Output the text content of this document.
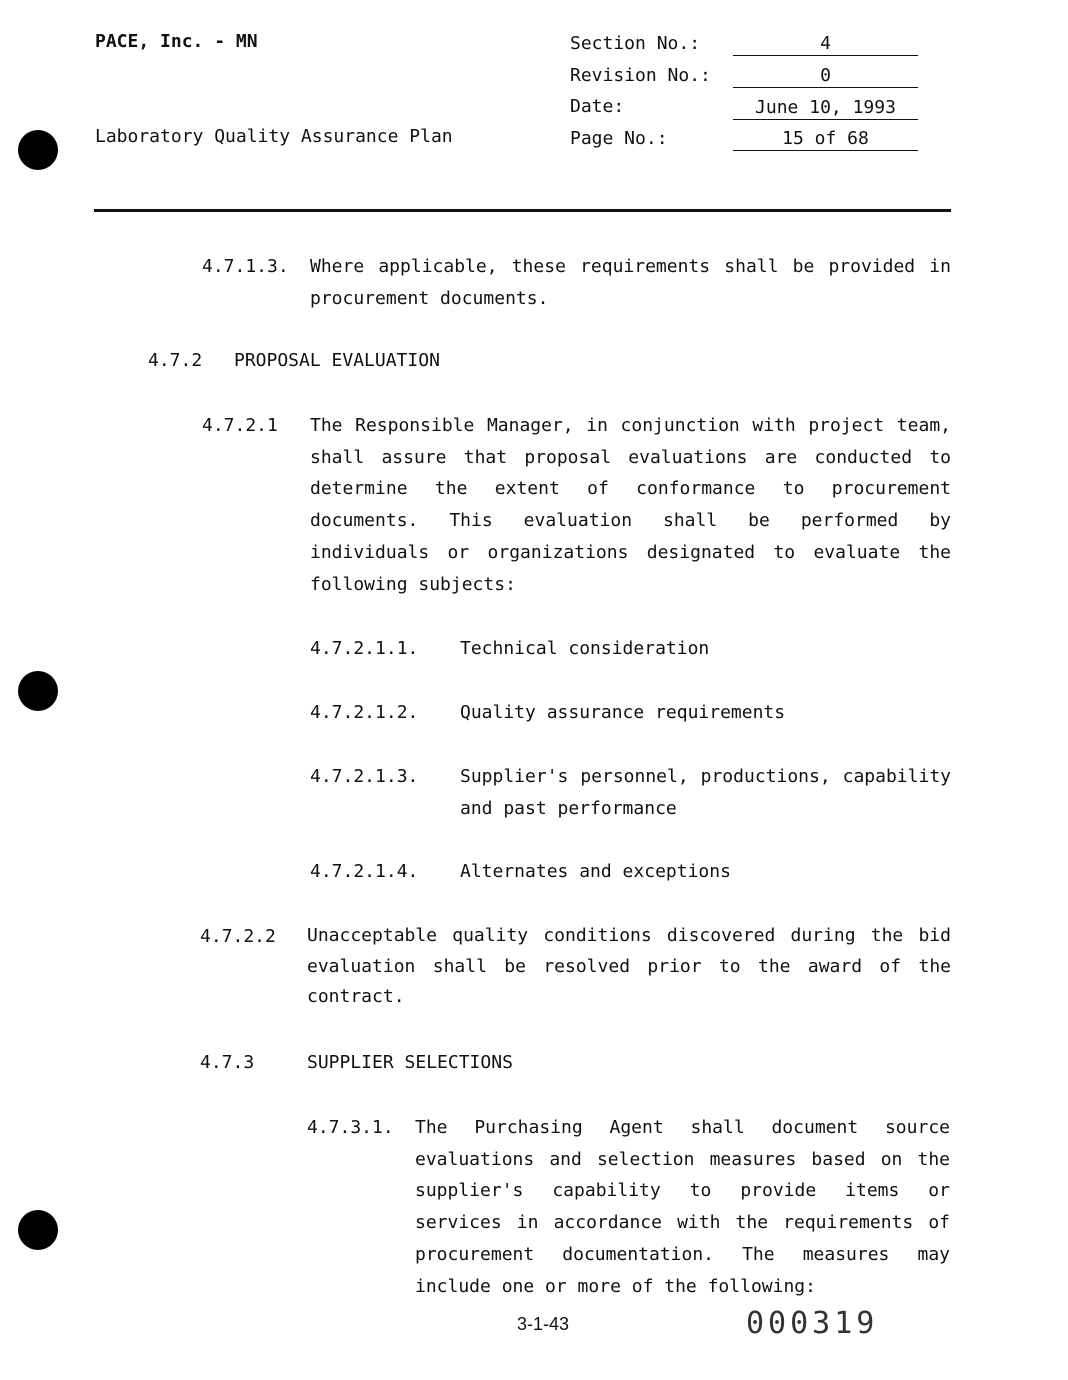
PACE, Inc. - MN
Laboratory Quality Assurance Plan
Section No.:	4
Revision No.:	0
Date:	June 10, 1993
Page No.:	15 of 68
4.7.1.3. Where applicable, these requirements shall be provided in procurement documents.
4.7.2 PROPOSAL EVALUATION
4.7.2.1 The Responsible Manager, in conjunction with project team, shall assure that proposal evaluations are conducted to determine the extent of conformance to procurement documents. This evaluation shall be performed by individuals or organizations designated to evaluate the following subjects:
4.7.2.1.1. Technical consideration
4.7.2.1.2. Quality assurance requirements
4.7.2.1.3. Supplier's personnel, productions, capability and past performance
4.7.2.1.4. Alternates and exceptions
4.7.2.2 Unacceptable quality conditions discovered during the bid evaluation shall be resolved prior to the award of the contract.
4.7.3	SUPPLIER SELECTIONS
4.7.3.1. The Purchasing Agent shall document source evaluations and selection measures based on the supplier's capability to provide items or services in accordance with the requirements of procurement documentation. The measures may include one or more of the following:
3-1-43	000319
